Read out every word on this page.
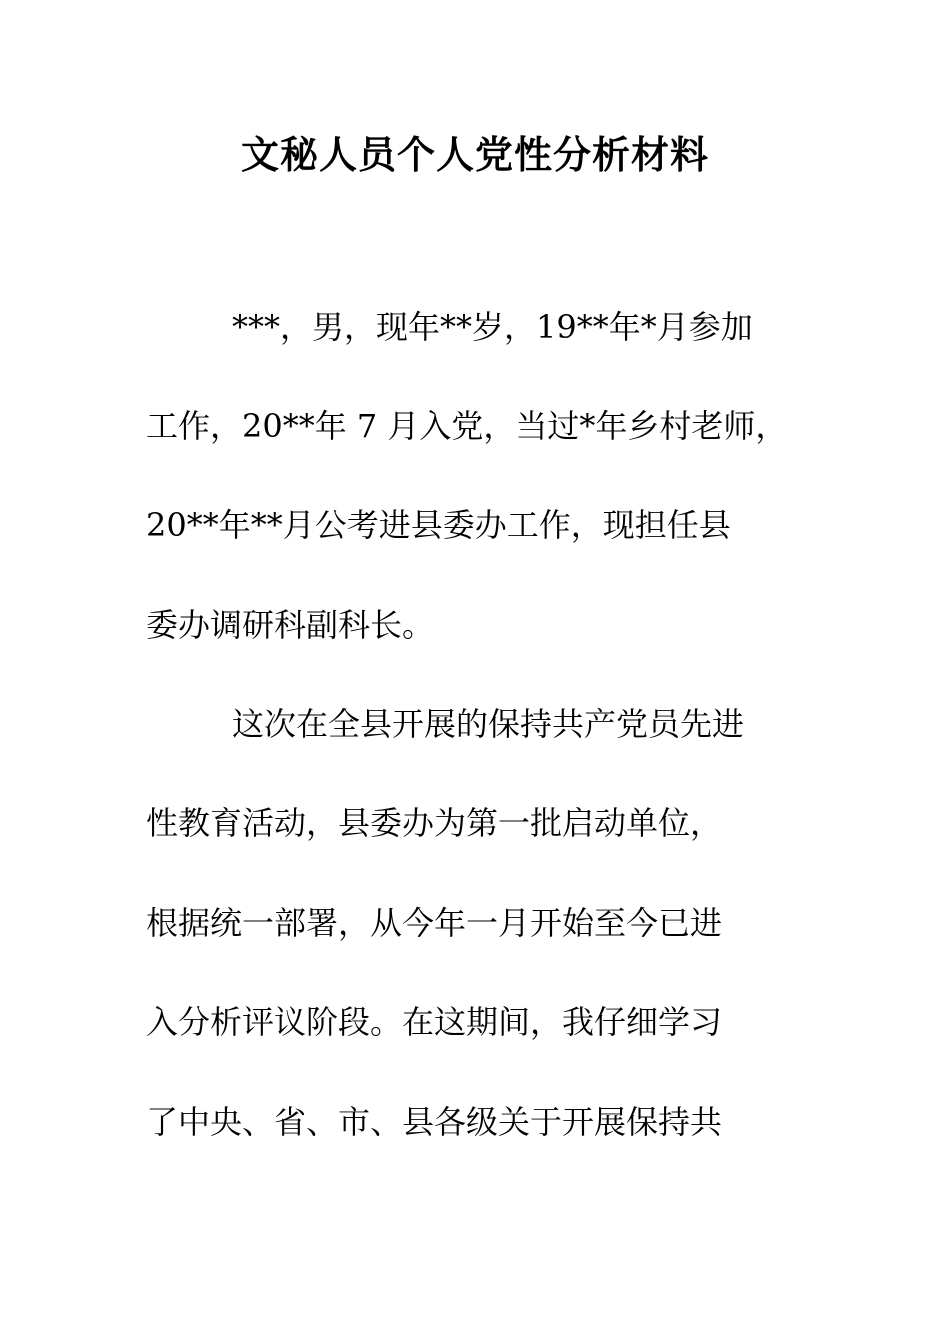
文秘人员个人党性分析材料

***，男，现年**岁，19**年*月参加

工作，20**年 7 月入党，当过*年乡村老师，

20**年**月公考进县委办工作，现担任县

委办调研科副科长。

这次在全县开展的保持共产党员先进

性教育活动，县委办为第一批启动单位，

根据统一部署，从今年一月开始至今已进

入分析评议阶段。在这期间，我仔细学习

了中央、省、市、县各级关于开展保持共
